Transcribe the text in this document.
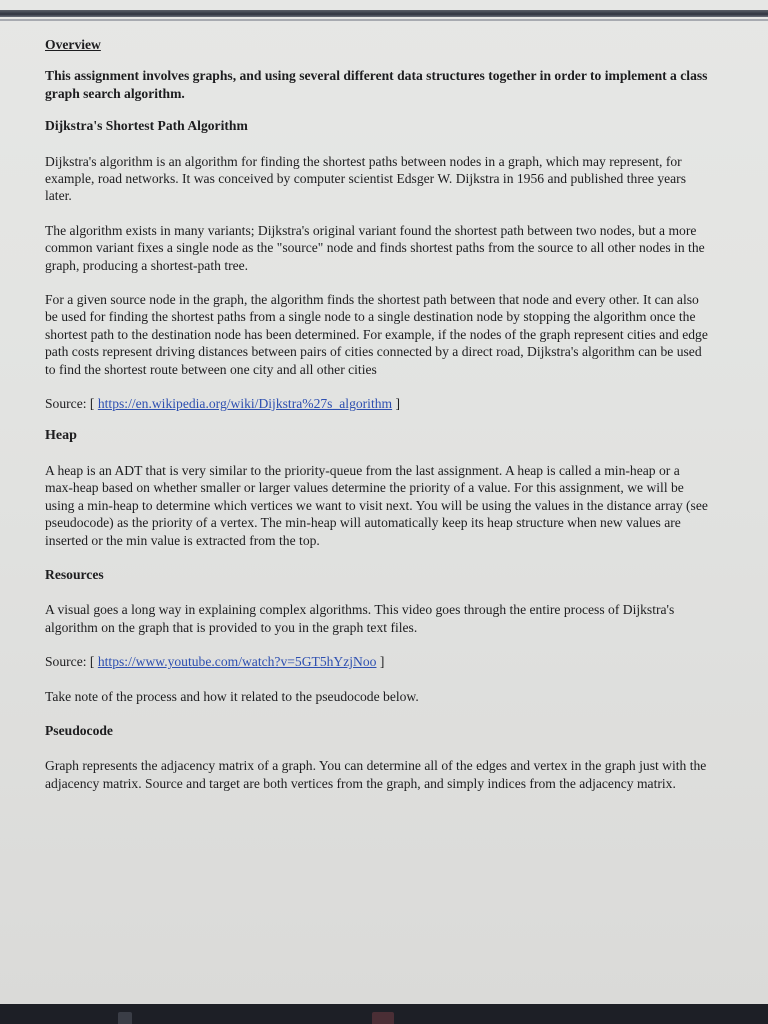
Overview
This assignment involves graphs, and using several different data structures together in order to implement a class graph search algorithm.
Dijkstra's Shortest Path Algorithm

Dijkstra's algorithm is an algorithm for finding the shortest paths between nodes in a graph, which may represent, for example, road networks. It was conceived by computer scientist Edsger W. Dijkstra in 1956 and published three years later.

The algorithm exists in many variants; Dijkstra's original variant found the shortest path between two nodes, but a more common variant fixes a single node as the "source" node and finds shortest paths from the source to all other nodes in the graph, producing a shortest-path tree.

For a given source node in the graph, the algorithm finds the shortest path between that node and every other. It can also be used for finding the shortest paths from a single node to a single destination node by stopping the algorithm once the shortest path to the destination node has been determined. For example, if the nodes of the graph represent cities and edge path costs represent driving distances between pairs of cities connected by a direct road, Dijkstra's algorithm can be used to find the shortest route between one city and all other cities

Source: [ https://en.wikipedia.org/wiki/Dijkstra%27s_algorithm ]
Heap

A heap is an ADT that is very similar to the priority-queue from the last assignment. A heap is called a min-heap or a max-heap based on whether smaller or larger values determine the priority of a value. For this assignment, we will be using a min-heap to determine which vertices we want to visit next. You will be using the values in the distance array (see pseudocode) as the priority of a vertex. The min-heap will automatically keep its heap structure when new values are inserted or the min value is extracted from the top.

Resources

A visual goes a long way in explaining complex algorithms. This video goes through the entire process of Dijkstra's algorithm on the graph that is provided to you in the graph text files.

Source: [ https://www.youtube.com/watch?v=5GT5hYzjNoo ]

Take note of the process and how it related to the pseudocode below.

Pseudocode

Graph represents the adjacency matrix of a graph. You can determine all of the edges and vertex in the graph just with the adjacency matrix. Source and target are both vertices from the graph, and simply indices from the adjacency matrix.
